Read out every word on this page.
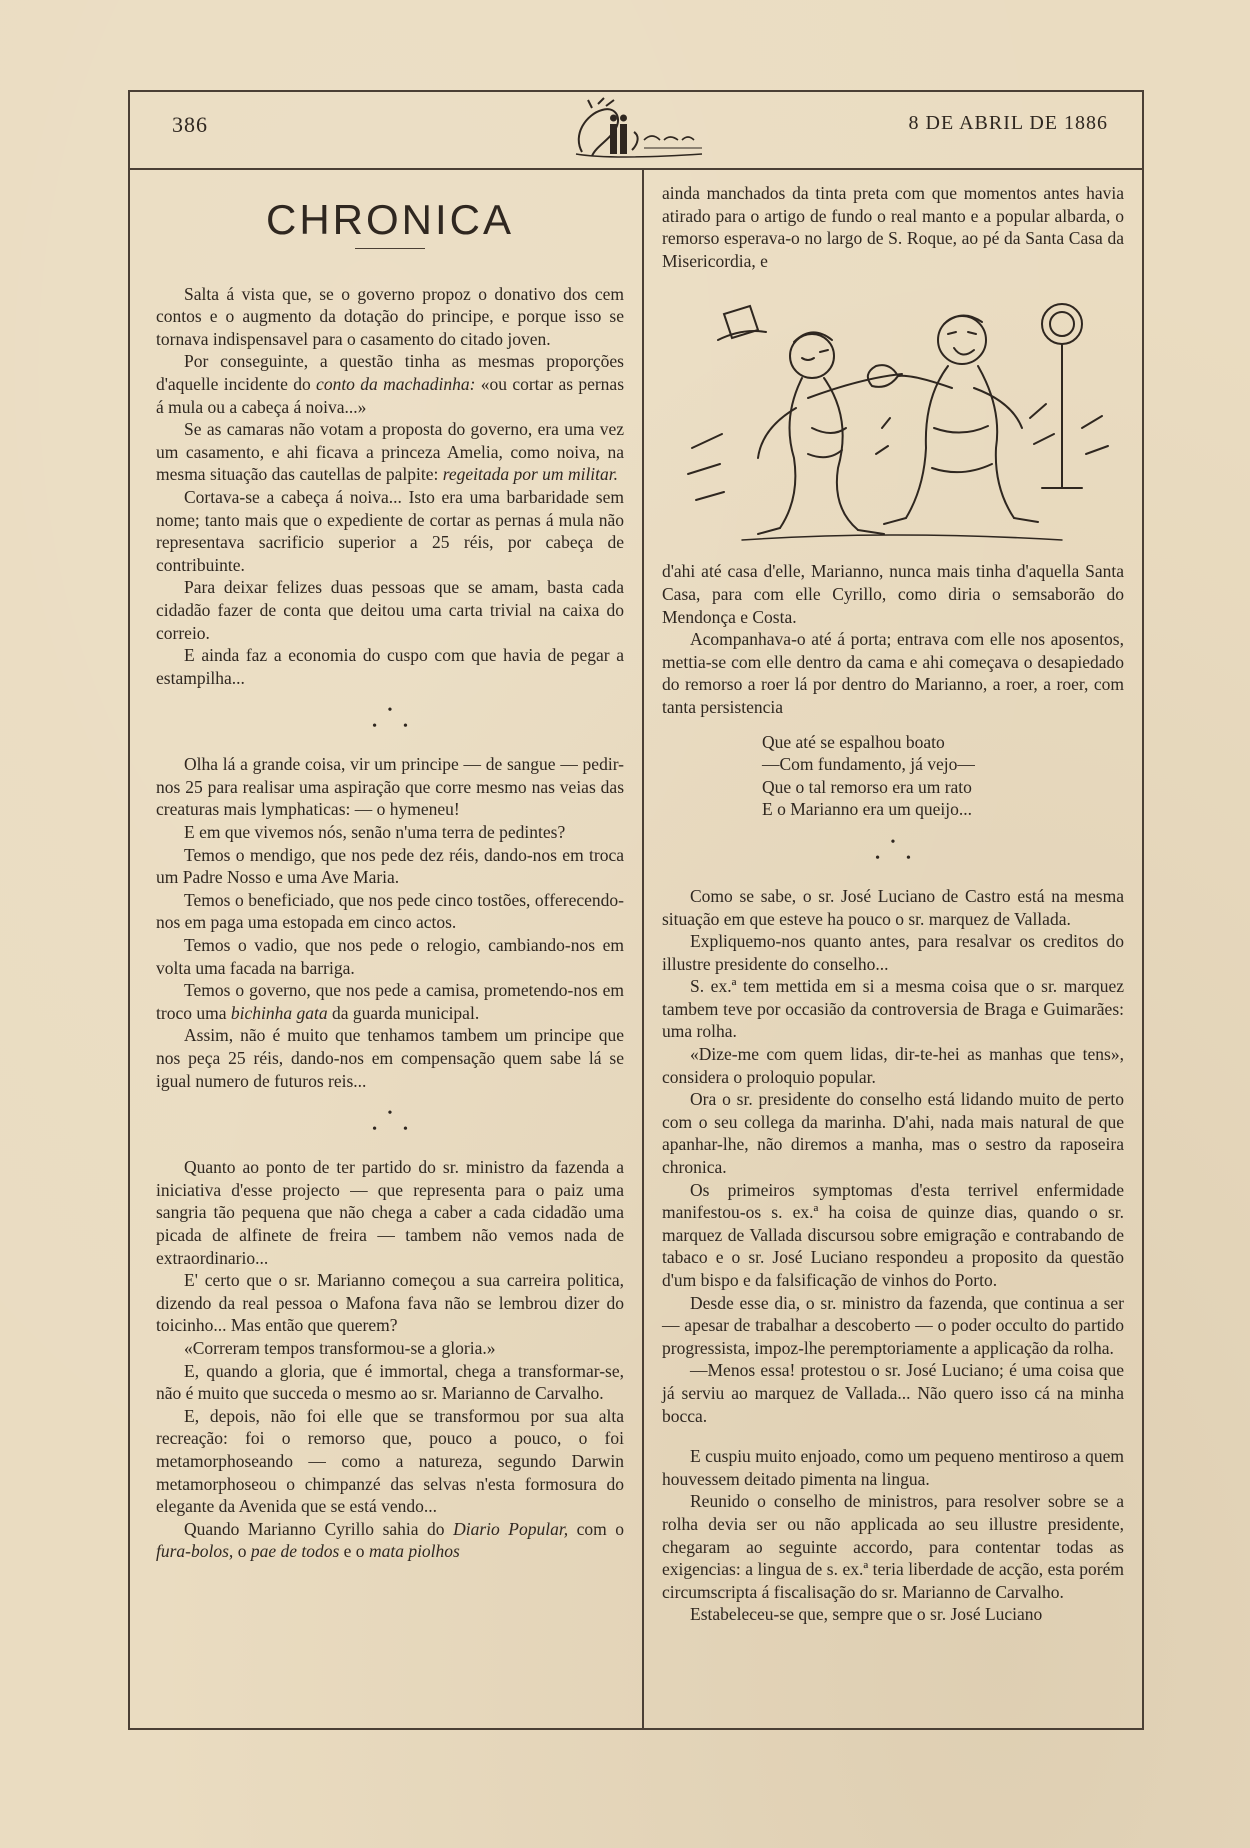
386	8 DE ABRIL DE 1886
CHRONICA

Salta á vista que, se o governo propoz o donativo dos cem contos e o augmento da dotação do principe, e porque isso se tornava indispensavel para o casamento do citado joven.

Por conseguinte, a questão tinha as mesmas proporções d'aquelle incidente do conto da machadinha: «ou cortar as pernas á mula ou a cabeça á noiva...»

Se as camaras não votam a proposta do governo, era uma vez um casamento, e ahi ficava a princeza Amelia, como noiva, na mesma situação das cautellas de palpite: regeitada por um militar.

Cortava-se a cabeça á noiva... Isto era uma barbaridade sem nome; tanto mais que o expediente de cortar as pernas á mula não representava sacrificio superior a 25 réis, por cabeça de contribuinte.

Para deixar felizes duas pessoas que se amam, basta cada cidadão fazer de conta que deitou uma carta trivial na caixa do correio.

E ainda faz a economia do cuspo com que havia de pegar a estampilha...

•
••

Olha lá a grande coisa, vir um principe — de sangue — pedir-nos 25 para realisar uma aspiração que corre mesmo nas veias das creaturas mais lymphaticas: — o hymeneu!

E em que vivemos nós, senão n'uma terra de pedintes?

Temos o mendigo, que nos pede dez réis, dando-nos em troca um Padre Nosso e uma Ave Maria.

Temos o beneficiado, que nos pede cinco tostões, offerecendo-nos em paga uma estopada em cinco actos.

Temos o vadio, que nos pede o relogio, cambiando-nos em volta uma facada na barriga.

Temos o governo, que nos pede a camisa, prometendo-nos em troco uma bichinha gata da guarda municipal.

Assim, não é muito que tenhamos tambem um principe que nos peça 25 réis, dando-nos em compensação quem sabe lá se igual numero de futuros reis...

•
••

Quanto ao ponto de ter partido do sr. ministro da fazenda a iniciativa d'esse projecto — que representa para o paiz uma sangria tão pequena que não chega a caber a cada cidadão uma picada de alfinete de freira — tambem não vemos nada de extraordinario...

E' certo que o sr. Marianno começou a sua carreira politica, dizendo da real pessoa o Mafona fava não se lembrou dizer do toicinho... Mas então que querem?

«Correram tempos transformou-se a gloria.»

E, quando a gloria, que é immortal, chega a transformar-se, não é muito que succeda o mesmo ao sr. Marianno de Carvalho.

E, depois, não foi elle que se transformou por sua alta recreação: foi o remorso que, pouco a pouco, o foi metamorphoseando — como a natureza, segundo Darwin metamorphoseou o chimpanzé das selvas n'esta formosura do elegante da Avenida que se está vendo...

Quando Marianno Cyrillo sahia do Diario Popular, com o fura-bolos, o pae de todos e o mata piolhos

ainda manchados da tinta preta com que momentos antes havia atirado para o artigo de fundo o real manto e a popular albarda, o remorso esperava-o no largo de S. Roque, ao pé da Santa Casa da Misericordia, e

d'ahi até casa d'elle, Marianno, nunca mais tinha d'aquella Santa Casa, para com elle Cyrillo, como diria o semsaborão do Mendonça e Costa.

Acompanhava-o até á porta; entrava com elle nos aposentos, mettia-se com elle dentro da cama e ahi começava o desapiedado do remorso a roer lá por dentro do Marianno, a roer, a roer, com tanta persistencia

Que até se espalhou boato
—Com fundamento, já vejo—
Que o tal remorso era um rato
E o Marianno era um queijo...
•
••

Como se sabe, o sr. José Luciano de Castro está na mesma situação em que esteve ha pouco o sr. marquez de Vallada.

Expliquemo-nos quanto antes, para resalvar os creditos do illustre presidente do conselho...

S. ex.ª tem mettida em si a mesma coisa que o sr. marquez tambem teve por occasião da controversia de Braga e Guimarães: uma rolha.

«Dize-me com quem lidas, dir-te-hei as manhas que tens», considera o proloquio popular.

Ora o sr. presidente do conselho está lidando muito de perto com o seu collega da marinha. D'ahi, nada mais natural de que apanhar-lhe, não diremos a manha, mas o sestro da raposeira chronica.

Os primeiros symptomas d'esta terrivel enfermidade manifestou-os s. ex.ª ha coisa de quinze dias, quando o sr. marquez de Vallada discursou sobre emigração e contrabando de tabaco e o sr. José Luciano respondeu a proposito da questão d'um bispo e da falsificação de vinhos do Porto.

Desde esse dia, o sr. ministro da fazenda, que continua a ser — apesar de trabalhar a descoberto — o poder occulto do partido progressista, impoz-lhe peremptoriamente a applicação da rolha.

—Menos essa! protestou o sr. José Luciano; é uma coisa que já serviu ao marquez de Vallada... Não quero isso cá na minha bocca.

E cuspiu muito enjoado, como um pequeno mentiroso a quem houvessem deitado pimenta na lingua.

Reunido o conselho de ministros, para resolver sobre se a rolha devia ser ou não applicada ao seu illustre presidente, chegaram ao seguinte accordo, para contentar todas as exigencias: a lingua de s. ex.ª teria liberdade de acção, esta porém circumscripta á fiscalisação do sr. Marianno de Carvalho.

Estabeleceu-se que, sempre que o sr. José Luciano
